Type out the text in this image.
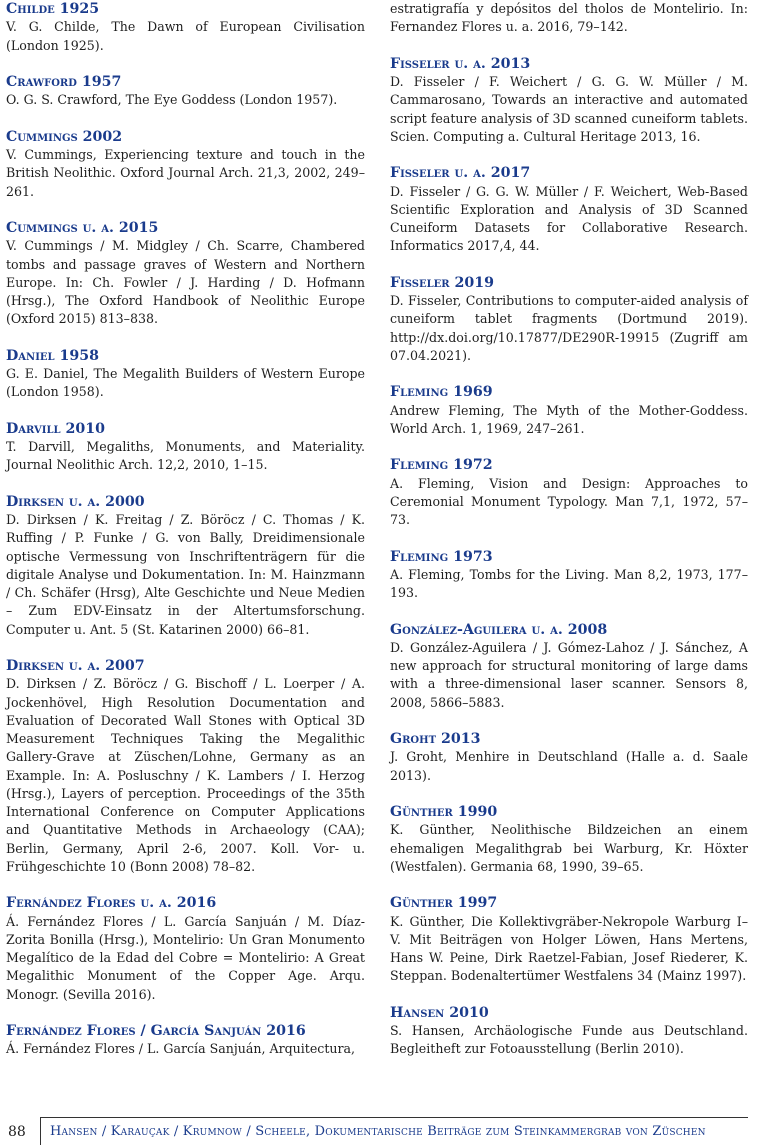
Childe 1925

V. G. Childe, The Dawn of European Civilisation (London 1925).

Crawford 1957

O. G. S. Crawford, The Eye Goddess (London 1957).

Cummings 2002

V. Cummings, Experiencing texture and touch in the British Neolithic. Oxford Journal Arch. 21,3, 2002, 249–261.

Cummings u. a. 2015

V. Cummings / M. Midgley / Ch. Scarre, Chambered tombs and passage graves of Western and Northern Europe. In: Ch. Fowler / J. Harding / D. Hofmann (Hrsg.), The Oxford Handbook of Neolithic Europe (Oxford 2015) 813–838.

Daniel 1958

G. E. Daniel, The Megalith Builders of Western Europe (London 1958).

Darvill 2010

T. Darvill, Megaliths, Monuments, and Materiality. Journal Neolithic Arch. 12,2, 2010, 1–15.

Dirksen u. a. 2000

D. Dirksen / K. Freitag / Z. Böröcz / C. Thomas / K. Ruffing / P. Funke / G. von Bally, Dreidimensionale optische Vermessung von Inschriftenträgern für die digitale Analyse und Dokumentation. In: M. Hainzmann / Ch. Schäfer (Hrsg), Alte Geschichte und Neue Medien – Zum EDV-Einsatz in der Altertumsforschung. Computer u. Ant. 5 (St. Katarinen 2000) 66–81.

Dirksen u. a. 2007

D. Dirksen / Z. Böröcz / G. Bischoff / L. Loerper / A. Jockenhövel, High Resolution Documentation and Evaluation of Decorated Wall Stones with Optical 3D Measurement Techniques Taking the Megalithic Gallery-Grave at Züschen/Lohne, Germany as an Example. In: A. Posluschny / K. Lambers / I. Herzog (Hrsg.), Layers of perception. Proceedings of the 35th International Conference on Computer Applications and Quantitative Methods in Archaeology (CAA); Berlin, Germany, April 2-6, 2007. Koll. Vor- u. Frühgeschichte 10 (Bonn 2008) 78–82.

Fernández Flores u. a. 2016

Á. Fernández Flores / L. García Sanjuán / M. Díaz-Zorita Bonilla (Hrsg.), Montelirio: Un Gran Monumento Megalítico de la Edad del Cobre = Montelirio: A Great Megalithic Monument of the Copper Age. Arqu. Monogr. (Sevilla 2016).

Fernández Flores / García Sanjuán 2016

Á. Fernández Flores / L. García Sanjuán, Arquitectura,

estratigrafía y depósitos del tholos de Montelirio. In: Fernandez Flores u. a. 2016, 79–142.

Fisseler u. a. 2013

D. Fisseler / F. Weichert / G. G. W. Müller / M. Cammarosano, Towards an interactive and automated script feature analysis of 3D scanned cuneiform tablets. Scien. Computing a. Cultural Heritage 2013, 16.

Fisseler u. a. 2017

D. Fisseler / G. G. W. Müller / F. Weichert, Web-Based Scientific Exploration and Analysis of 3D Scanned Cuneiform Datasets for Collaborative Research. Informatics 2017,4, 44.

Fisseler 2019

D. Fisseler, Contributions to computer-aided analysis of cuneiform tablet fragments (Dortmund 2019). http://dx.doi.org/10.17877/DE290R-19915 (Zugriff am 07.04.2021).

Fleming 1969

Andrew Fleming, The Myth of the Mother-Goddess. World Arch. 1, 1969, 247–261.

Fleming 1972

A. Fleming, Vision and Design: Approaches to Ceremonial Monument Typology. Man 7,1, 1972, 57–73.

Fleming 1973

A. Fleming, Tombs for the Living. Man 8,2, 1973, 177–193.

González-Aguilera u. a. 2008

D. González-Aguilera / J. Gómez-Lahoz / J. Sánchez, A new approach for structural monitoring of large dams with a three-dimensional laser scanner. Sensors 8, 2008, 5866–5883.

Groht 2013

J. Groht, Menhire in Deutschland (Halle a. d. Saale 2013).

Günther 1990

K. Günther, Neolithische Bildzeichen an einem ehemaligen Megalithgrab bei Warburg, Kr. Höxter (Westfalen). Germania 68, 1990, 39–65.

Günther 1997

K. Günther, Die Kollektivgräber-Nekropole Warburg I–V. Mit Beiträgen von Holger Löwen, Hans Mertens, Hans W. Peine, Dirk Raetzel-Fabian, Josef Riederer, K. Steppan. Bodenaltertümer Westfalens 34 (Mainz 1997).

Hansen 2010

S. Hansen, Archäologische Funde aus Deutschland. Begleitheft zur Fotoausstellung (Berlin 2010).

88 Hansen / Karauçak / Krumnow / Scheele, Dokumentarische Beiträge zum Steinkammergrab von Züschen
